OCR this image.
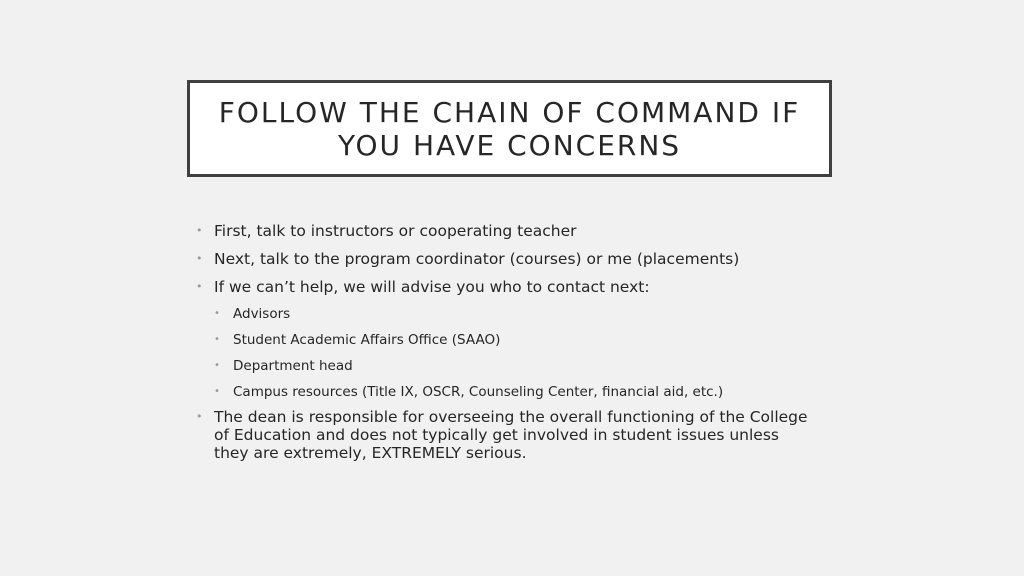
FOLLOW THE CHAIN OF COMMAND IF YOU HAVE CONCERNS
• First, talk to instructors or cooperating teacher
• Next, talk to the program coordinator (courses) or me (placements)
• If we can’t help, we will advise you who to contact next:
• Advisors
• Student Academic Affairs Office (SAAO)
• Department head
• Campus resources (Title IX, OSCR, Counseling Center, financial aid, etc.)
• The dean is responsible for overseeing the overall functioning of the College of Education and does not typically get involved in student issues unless they are extremely, EXTREMELY serious.
